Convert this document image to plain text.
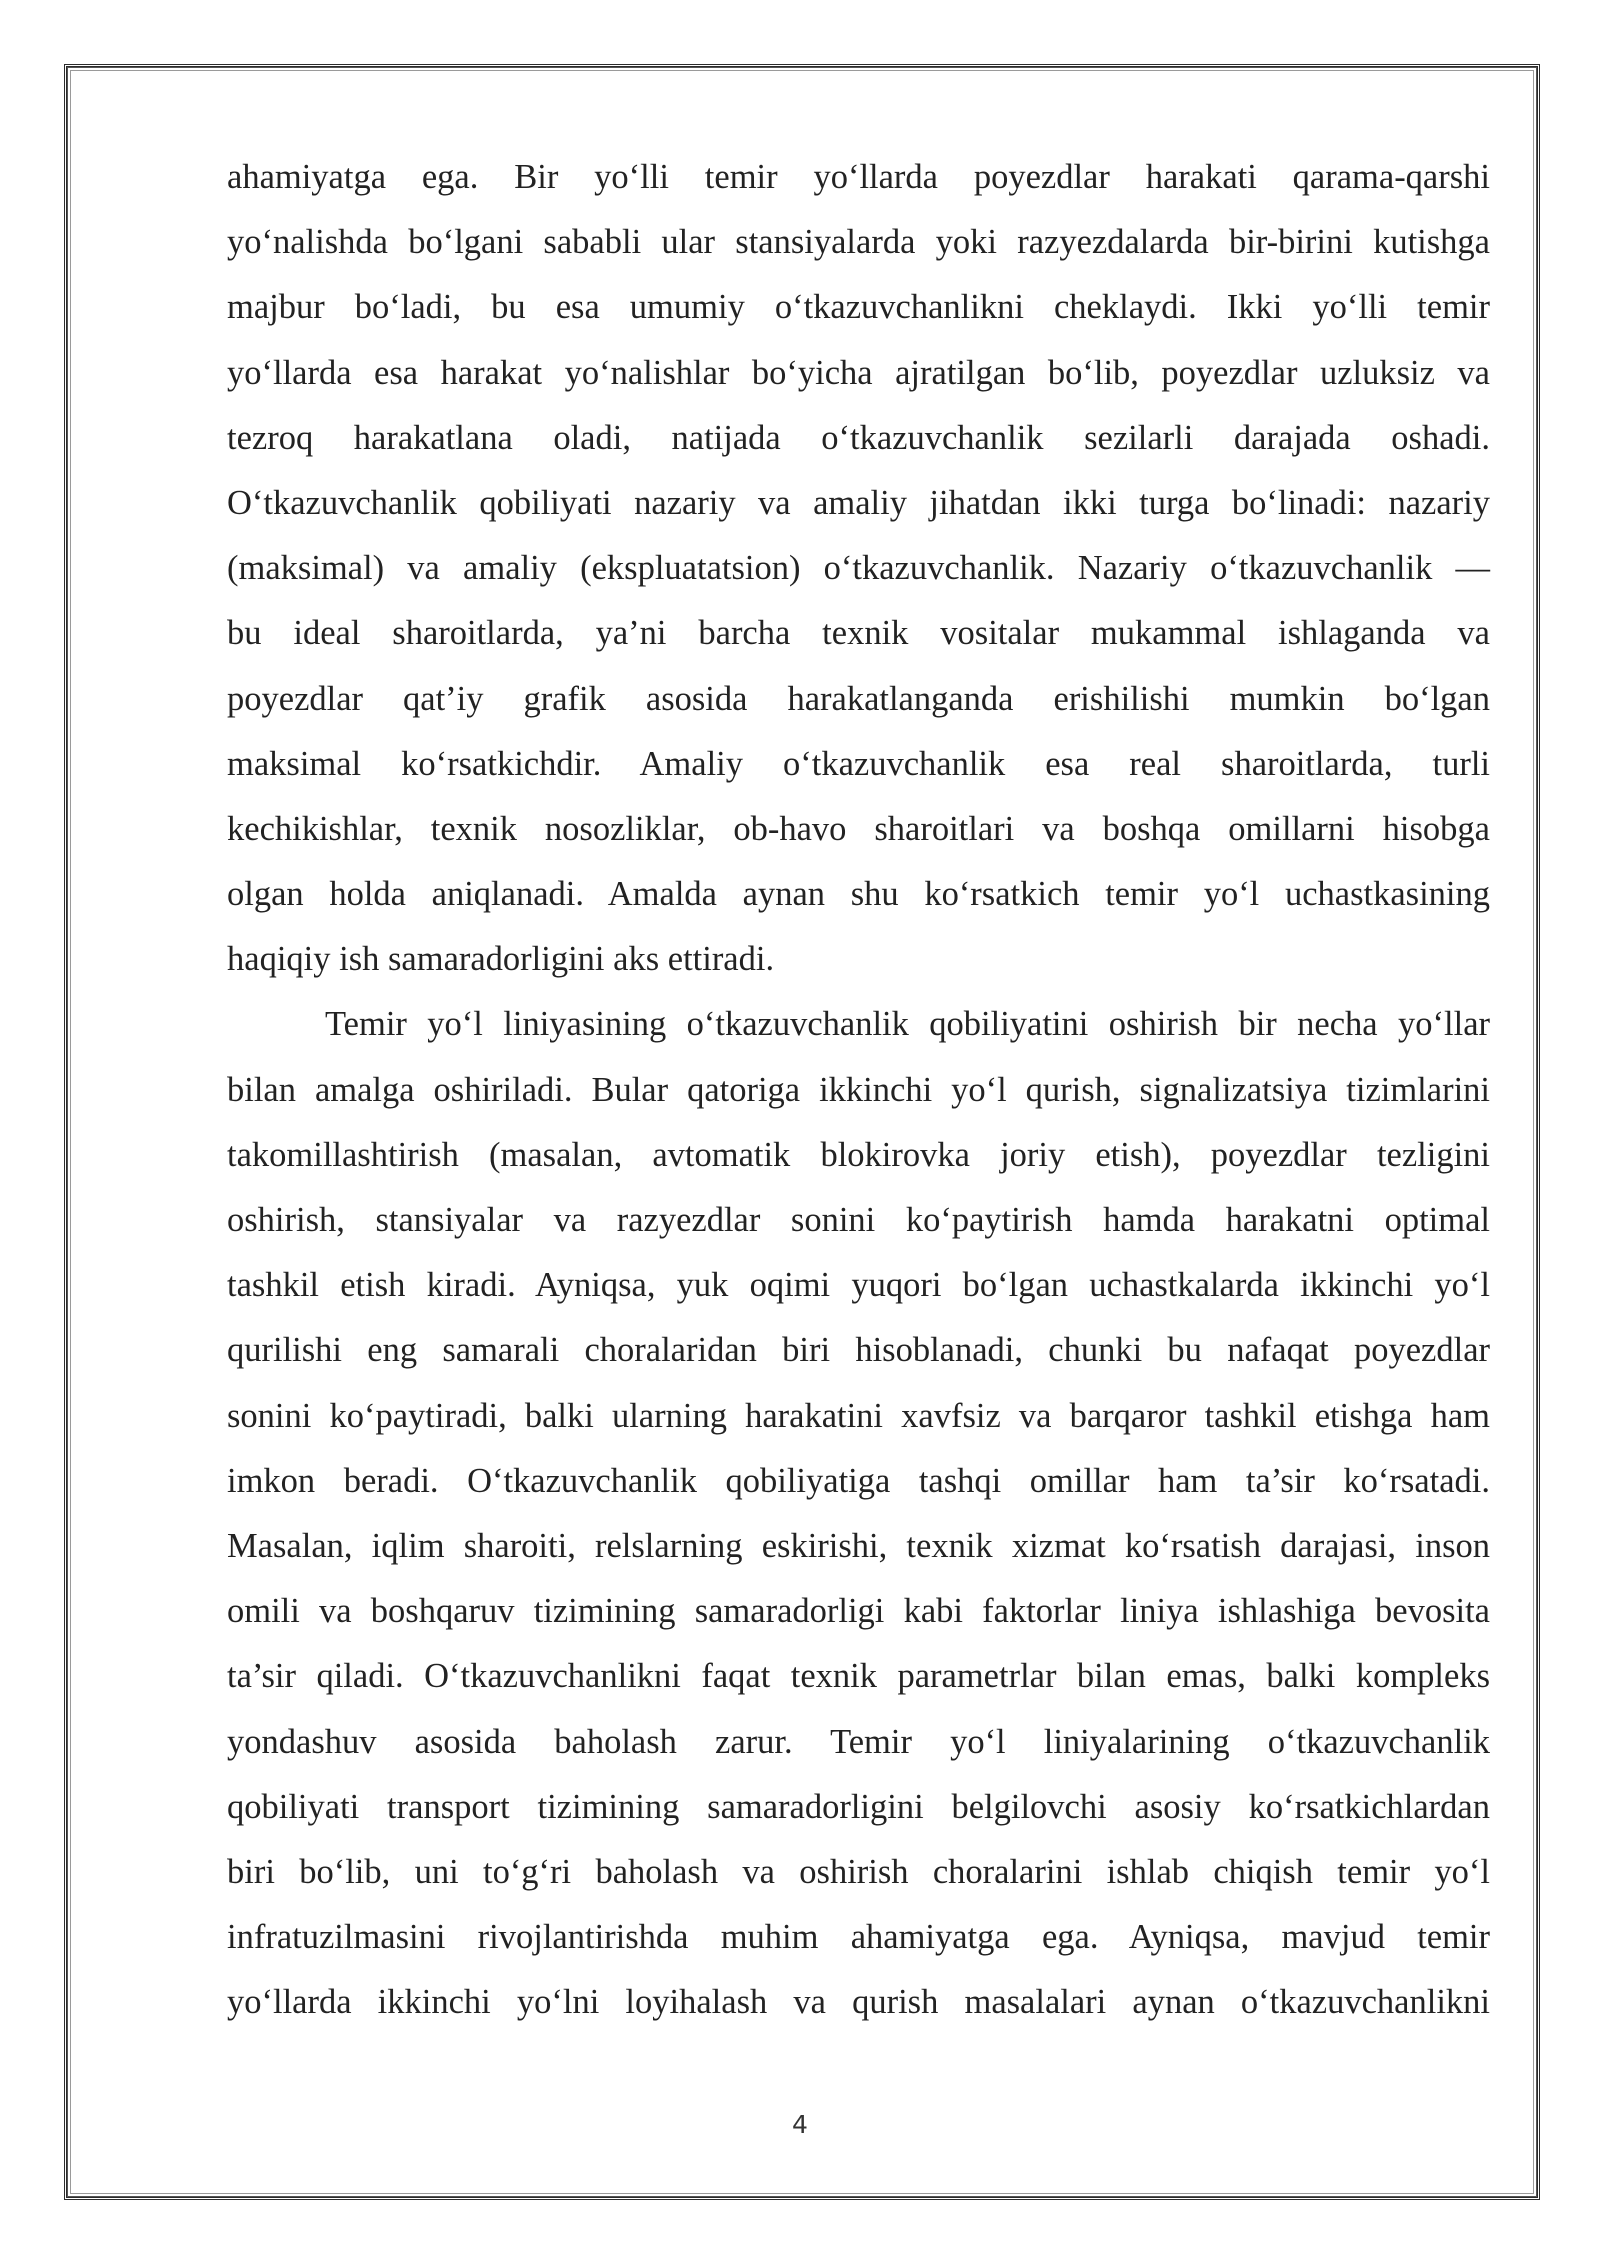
ahamiyatga ega. Bir yo‘lli temir yo‘llarda poyezdlar harakati qarama-qarshi
yo‘nalishda bo‘lgani sababli ular stansiyalarda yoki razyezdalarda bir-birini kutishga
majbur bo‘ladi, bu esa umumiy o‘tkazuvchanlikni cheklaydi. Ikki yo‘lli temir
yo‘llarda esa harakat yo‘nalishlar bo‘yicha ajratilgan bo‘lib, poyezdlar uzluksiz va
tezroq harakatlana oladi, natijada o‘tkazuvchanlik sezilarli darajada oshadi.
O‘tkazuvchanlik qobiliyati nazariy va amaliy jihatdan ikki turga bo‘linadi: nazariy
(maksimal) va amaliy (ekspluatatsion) o‘tkazuvchanlik. Nazariy o‘tkazuvchanlik —
bu ideal sharoitlarda, ya’ni barcha texnik vositalar mukammal ishlaganda va
poyezdlar qat’iy grafik asosida harakatlanganda erishilishi mumkin bo‘lgan
maksimal ko‘rsatkichdir. Amaliy o‘tkazuvchanlik esa real sharoitlarda, turli
kechikishlar, texnik nosozliklar, ob-havo sharoitlari va boshqa omillarni hisobga
olgan holda aniqlanadi. Amalda aynan shu ko‘rsatkich temir yo‘l uchastkasining
haqiqiy ish samaradorligini aks ettiradi.
Temir yo‘l liniyasining o‘tkazuvchanlik qobiliyatini oshirish bir necha yo‘llar
bilan amalga oshiriladi. Bular qatoriga ikkinchi yo‘l qurish, signalizatsiya tizimlarini
takomillashtirish (masalan, avtomatik blokirovka joriy etish), poyezdlar tezligini
oshirish, stansiyalar va razyezdlar sonini ko‘paytirish hamda harakatni optimal
tashkil etish kiradi. Ayniqsa, yuk oqimi yuqori bo‘lgan uchastkalarda ikkinchi yo‘l
qurilishi eng samarali choralaridan biri hisoblanadi, chunki bu nafaqat poyezdlar
sonini ko‘paytiradi, balki ularning harakatini xavfsiz va barqaror tashkil etishga ham
imkon beradi. O‘tkazuvchanlik qobiliyatiga tashqi omillar ham ta’sir ko‘rsatadi.
Masalan, iqlim sharoiti, relslarning eskirishi, texnik xizmat ko‘rsatish darajasi, inson
omili va boshqaruv tizimining samaradorligi kabi faktorlar liniya ishlashiga bevosita
ta’sir qiladi. O‘tkazuvchanlikni faqat texnik parametrlar bilan emas, balki kompleks
yondashuv asosida baholash zarur. Temir yo‘l liniyalarining o‘tkazuvchanlik
qobiliyati transport tizimining samaradorligini belgilovchi asosiy ko‘rsatkichlardan
biri bo‘lib, uni to‘g‘ri baholash va oshirish choralarini ishlab chiqish temir yo‘l
infratuzilmasini rivojlantirishda muhim ahamiyatga ega. Ayniqsa, mavjud temir
yo‘llarda ikkinchi yo‘lni loyihalash va qurish masalalari aynan o‘tkazuvchanlikni
4
